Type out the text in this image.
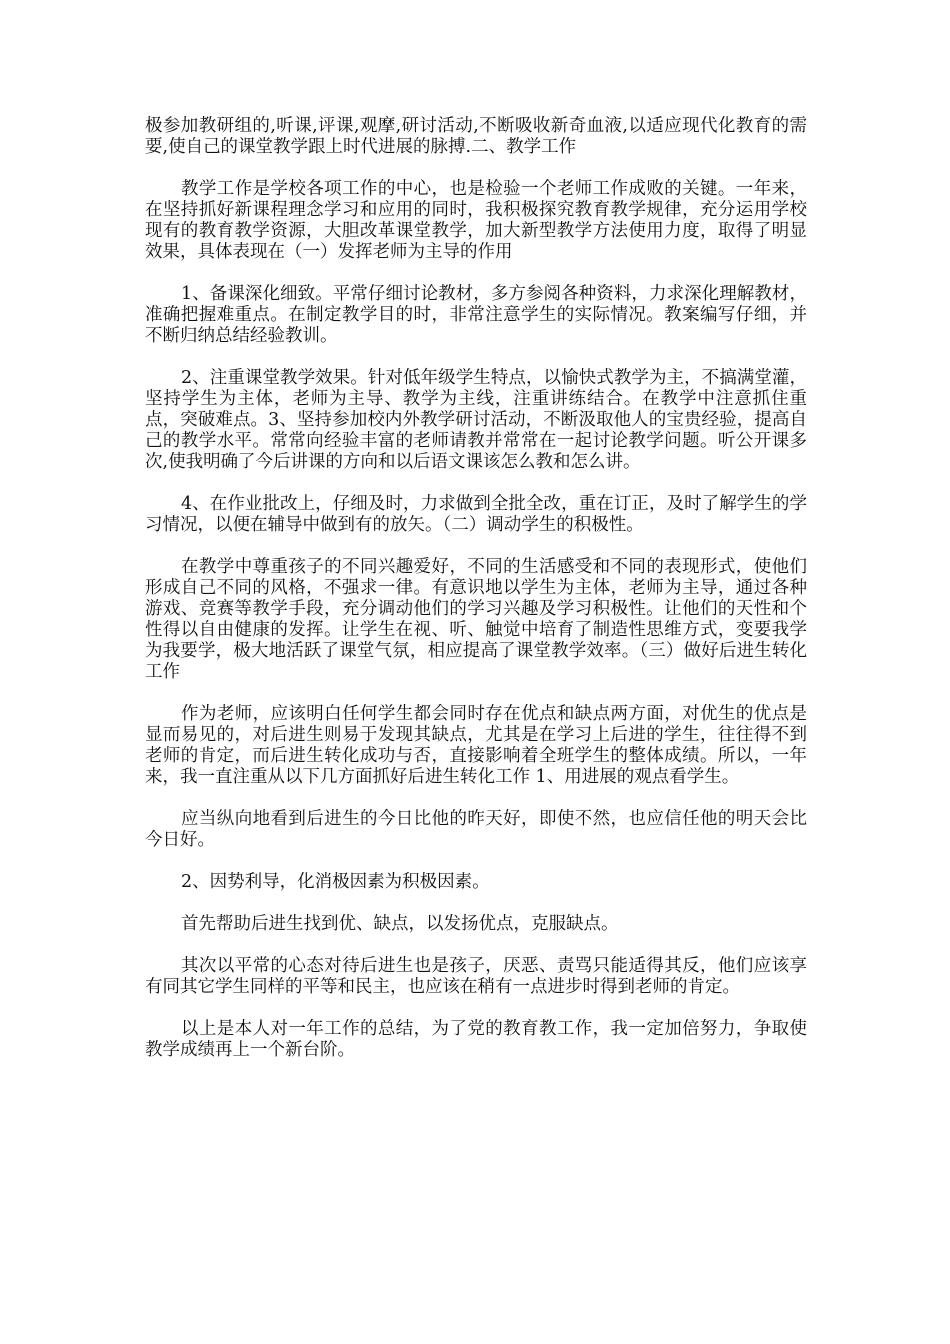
极参加教研组的,听课,评课,观摩,研讨活动,不断吸收新奇血液,以适应现代化教育的需要,使自己的课堂教学跟上时代进展的脉搏.二、教学工作

教学工作是学校各项工作的中心，也是检验一个老师工作成败的关键。一年来，在坚持抓好新课程理念学习和应用的同时，我积极探究教育教学规律，充分运用学校现有的教育教学资源，大胆改革课堂教学，加大新型教学方法使用力度，取得了明显效果，具体表现在（一）发挥老师为主导的作用

1、备课深化细致。平常仔细讨论教材，多方参阅各种资料，力求深化理解教材，准确把握难重点。在制定教学目的时，非常注意学生的实际情况。教案编写仔细，并不断归纳总结经验教训。

2、注重课堂教学效果。针对低年级学生特点，以愉快式教学为主，不搞满堂灌，坚持学生为主体，老师为主导、教学为主线，注重讲练结合。在教学中注意抓住重点，突破难点。3、坚持参加校内外教学研讨活动，不断汲取他人的宝贵经验，提高自己的教学水平。常常向经验丰富的老师请教并常常在一起讨论教学问题。听公开课多次,使我明确了今后讲课的方向和以后语文课该怎么教和怎么讲。

4、在作业批改上，仔细及时，力求做到全批全改，重在订正，及时了解学生的学习情况，以便在辅导中做到有的放矢。（二）调动学生的积极性。

在教学中尊重孩子的不同兴趣爱好，不同的生活感受和不同的表现形式，使他们形成自己不同的风格，不强求一律。有意识地以学生为主体，老师为主导，通过各种游戏、竞赛等教学手段，充分调动他们的学习兴趣及学习积极性。让他们的天性和个性得以自由健康的发挥。让学生在视、听、触觉中培育了制造性思维方式，变要我学为我要学，极大地活跃了课堂气氛，相应提高了课堂教学效率。（三）做好后进生转化工作

作为老师，应该明白任何学生都会同时存在优点和缺点两方面，对优生的优点是显而易见的，对后进生则易于发现其缺点，尤其是在学习上后进的学生，往往得不到老师的肯定，而后进生转化成功与否，直接影响着全班学生的整体成绩。所以，一年来，我一直注重从以下几方面抓好后进生转化工作 1、用进展的观点看学生。

应当纵向地看到后进生的今日比他的昨天好，即使不然，也应信任他的明天会比今日好。

2、因势利导，化消极因素为积极因素。

首先帮助后进生找到优、缺点，以发扬优点，克服缺点。

其次以平常的心态对待后进生也是孩子，厌恶、责骂只能适得其反，他们应该享有同其它学生同样的平等和民主，也应该在稍有一点进步时得到老师的肯定。

以上是本人对一年工作的总结，为了党的教育教工作，我一定加倍努力，争取使教学成绩再上一个新台阶。
